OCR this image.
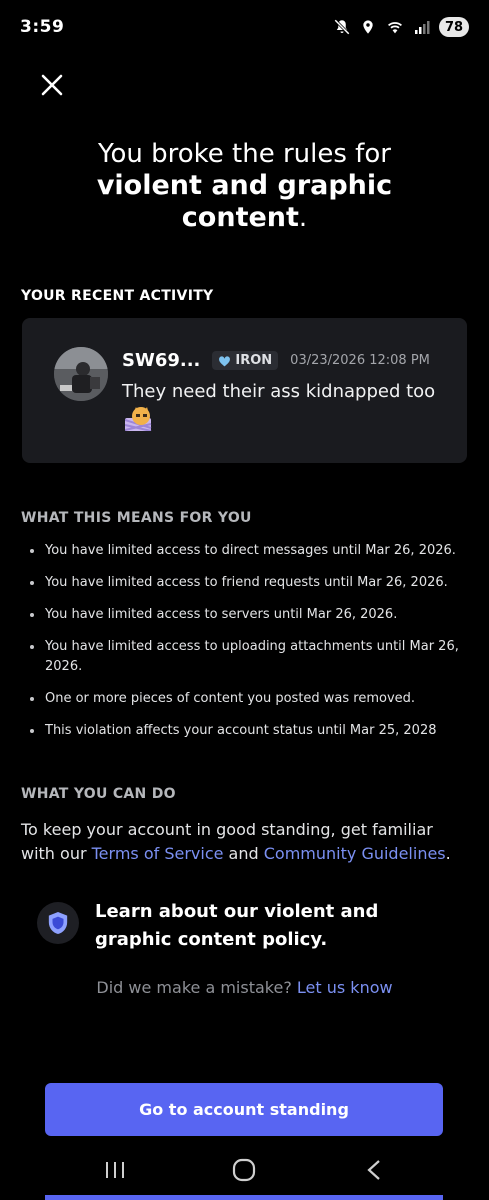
3:59	78
You broke the rules for
violent and graphic
content.
YOUR RECENT ACTIVITY
SW69...	IRON 03/23/2026 12:08 PM
They need their ass kidnapped too
WHAT THIS MEANS FOR YOU
You have limited access to direct messages until Mar 26, 2026.
You have limited access to friend requests until Mar 26, 2026.
You have limited access to servers until Mar 26, 2026.
You have limited access to uploading attachments until Mar 26, 2026.
One or more pieces of content you posted was removed.
This violation affects your account status until Mar 25, 2028
WHAT YOU CAN DO
To keep your account in good standing, get familiar with our Terms of Service and Community Guidelines.
Learn about our violent and graphic content policy.
Did we make a mistake? Let us know
Go to account standing
